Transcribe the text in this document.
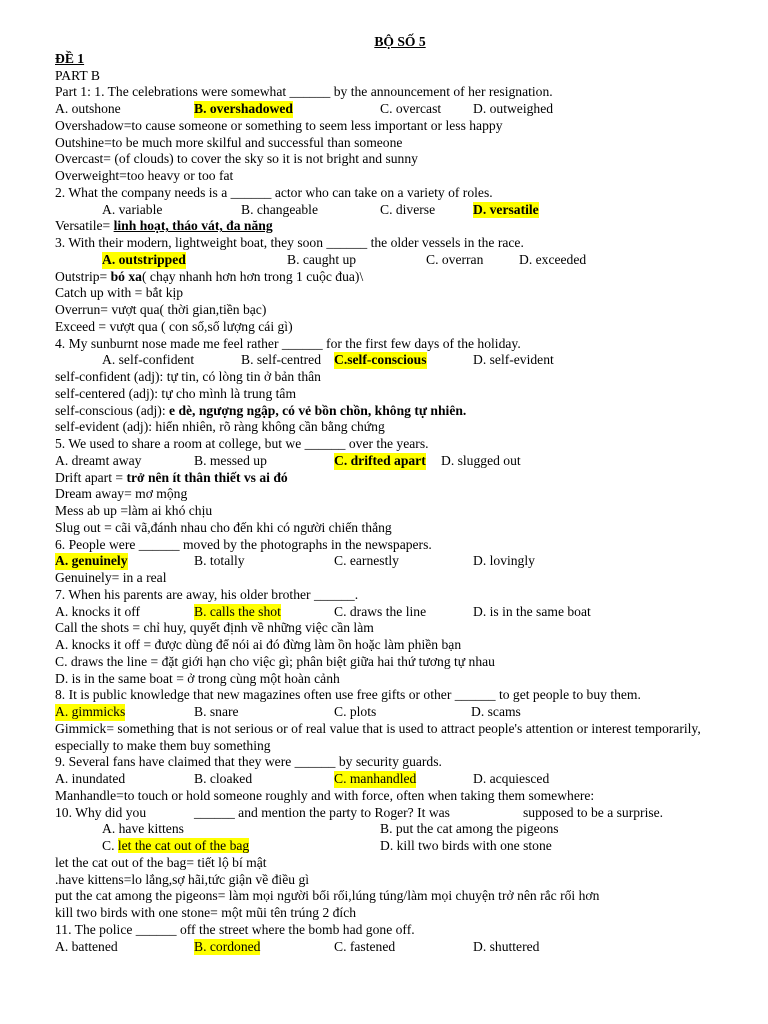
BỘ SỐ 5
ĐỀ 1
PART B
Part 1: 1. The celebrations were somewhat ______ by the announcement of her resignation.
A. outshone	B. overshadowed	C. overcast D. outweighed
Overshadow=to cause someone or something to seem less important or less happy
Outshine=to be much more skilful and successful than someone
Overcast= (of clouds) to cover the sky so it is not bright and sunny
Overweight=too heavy or too fat
2. What the company needs is a ______ actor who can take on a variety of roles.
A. variable	B. changeable	C. diverse	D. versatile
Versatile= linh hoạt, tháo vát, đa năng
3. With their modern, lightweight boat, they soon ______ the older vessels in the race.
A. outstripped	B. caught up	C. overran	D. exceeded
Outstrip= bó xa( chạy nhanh hơn hơn trong 1 cuộc đua)\
Catch up with = bắt kịp
Overrun= vượt qua( thời gian,tiền bạc)
Exceed = vượt qua ( con số,số lượng cái gì)
4. My sunburnt nose made me feel rather ______ for the first few days of the holiday.
A. self-confident	B. self-centred C.self-conscious	D. self-evident
self-confident (adj): tự tin, có lòng tin ở bản thân
self-centered (adj): tự cho mình là trung tâm
self-conscious (adj): e dè, ngượng ngập, có vẻ bồn chồn, không tự nhiên.
self-evident (adj): hiển nhiên, rõ ràng không cần bằng chứng
5. We used to share a room at college, but we ______ over the years.
A. dreamt away	B. messed up	C. drifted apart D. slugged out
Drift apart = trở nên ít thân thiết vs ai đó
Dream away= mơ mộng
Mess ab up =làm ai khó chịu
Slug out = cãi vã,đánh nhau cho đến khi có người chiến thắng
6. People were ______ moved by the photographs in the newspapers.
A. genuinely	B. totally	C. earnestly	D. lovingly
Genuinely= in a real
7. When his parents are away, his older brother ______.
A. knocks it off	B. calls the shot	C. draws the line	D. is in the same boat
Call the shots = chỉ huy, quyết định về những việc cần làm
A. knocks it off = được dùng để nói ai đó đừng làm ồn hoặc làm phiền bạn
C. draws the line = đặt giới hạn cho việc gì; phân biệt giữa hai thứ tương tự nhau
D. is in the same boat = ở trong cùng một hoàn cảnh
8. It is public knowledge that new magazines often use free gifts or other ______ to get people to buy them.
A. gimmicks	B. snare	C. plots	D. scams
Gimmick= something that is not serious or of real value that is used to attract people's attention or interest temporarily, especially to make them buy something
9. Several fans have claimed that they were ______ by security guards.
A. inundated	B. cloaked	C. manhandled	D. acquiesced
Manhandle=to touch or hold someone roughly and with force, often when taking them somewhere:
10. Why did you	______ and mention the party to Roger? It was	supposed to be a surprise.
A. have kittens	B. put the cat among the pigeons
C. let the cat out of the bag	D. kill two birds with one stone
let the cat out of the bag= tiết lộ bí mật
.have kittens=lo lắng,sợ hãi,tức giận về điều gì
put the cat among the pigeons= làm mọi người bối rối,lúng túng/làm mọi chuyện trở nên rắc rối hơn
kill two birds with one stone= một mũi tên trúng 2 đích
11. The police ______ off the street where the bomb had gone off.
A. battened	B. cordoned	C. fastened	D. shuttered
